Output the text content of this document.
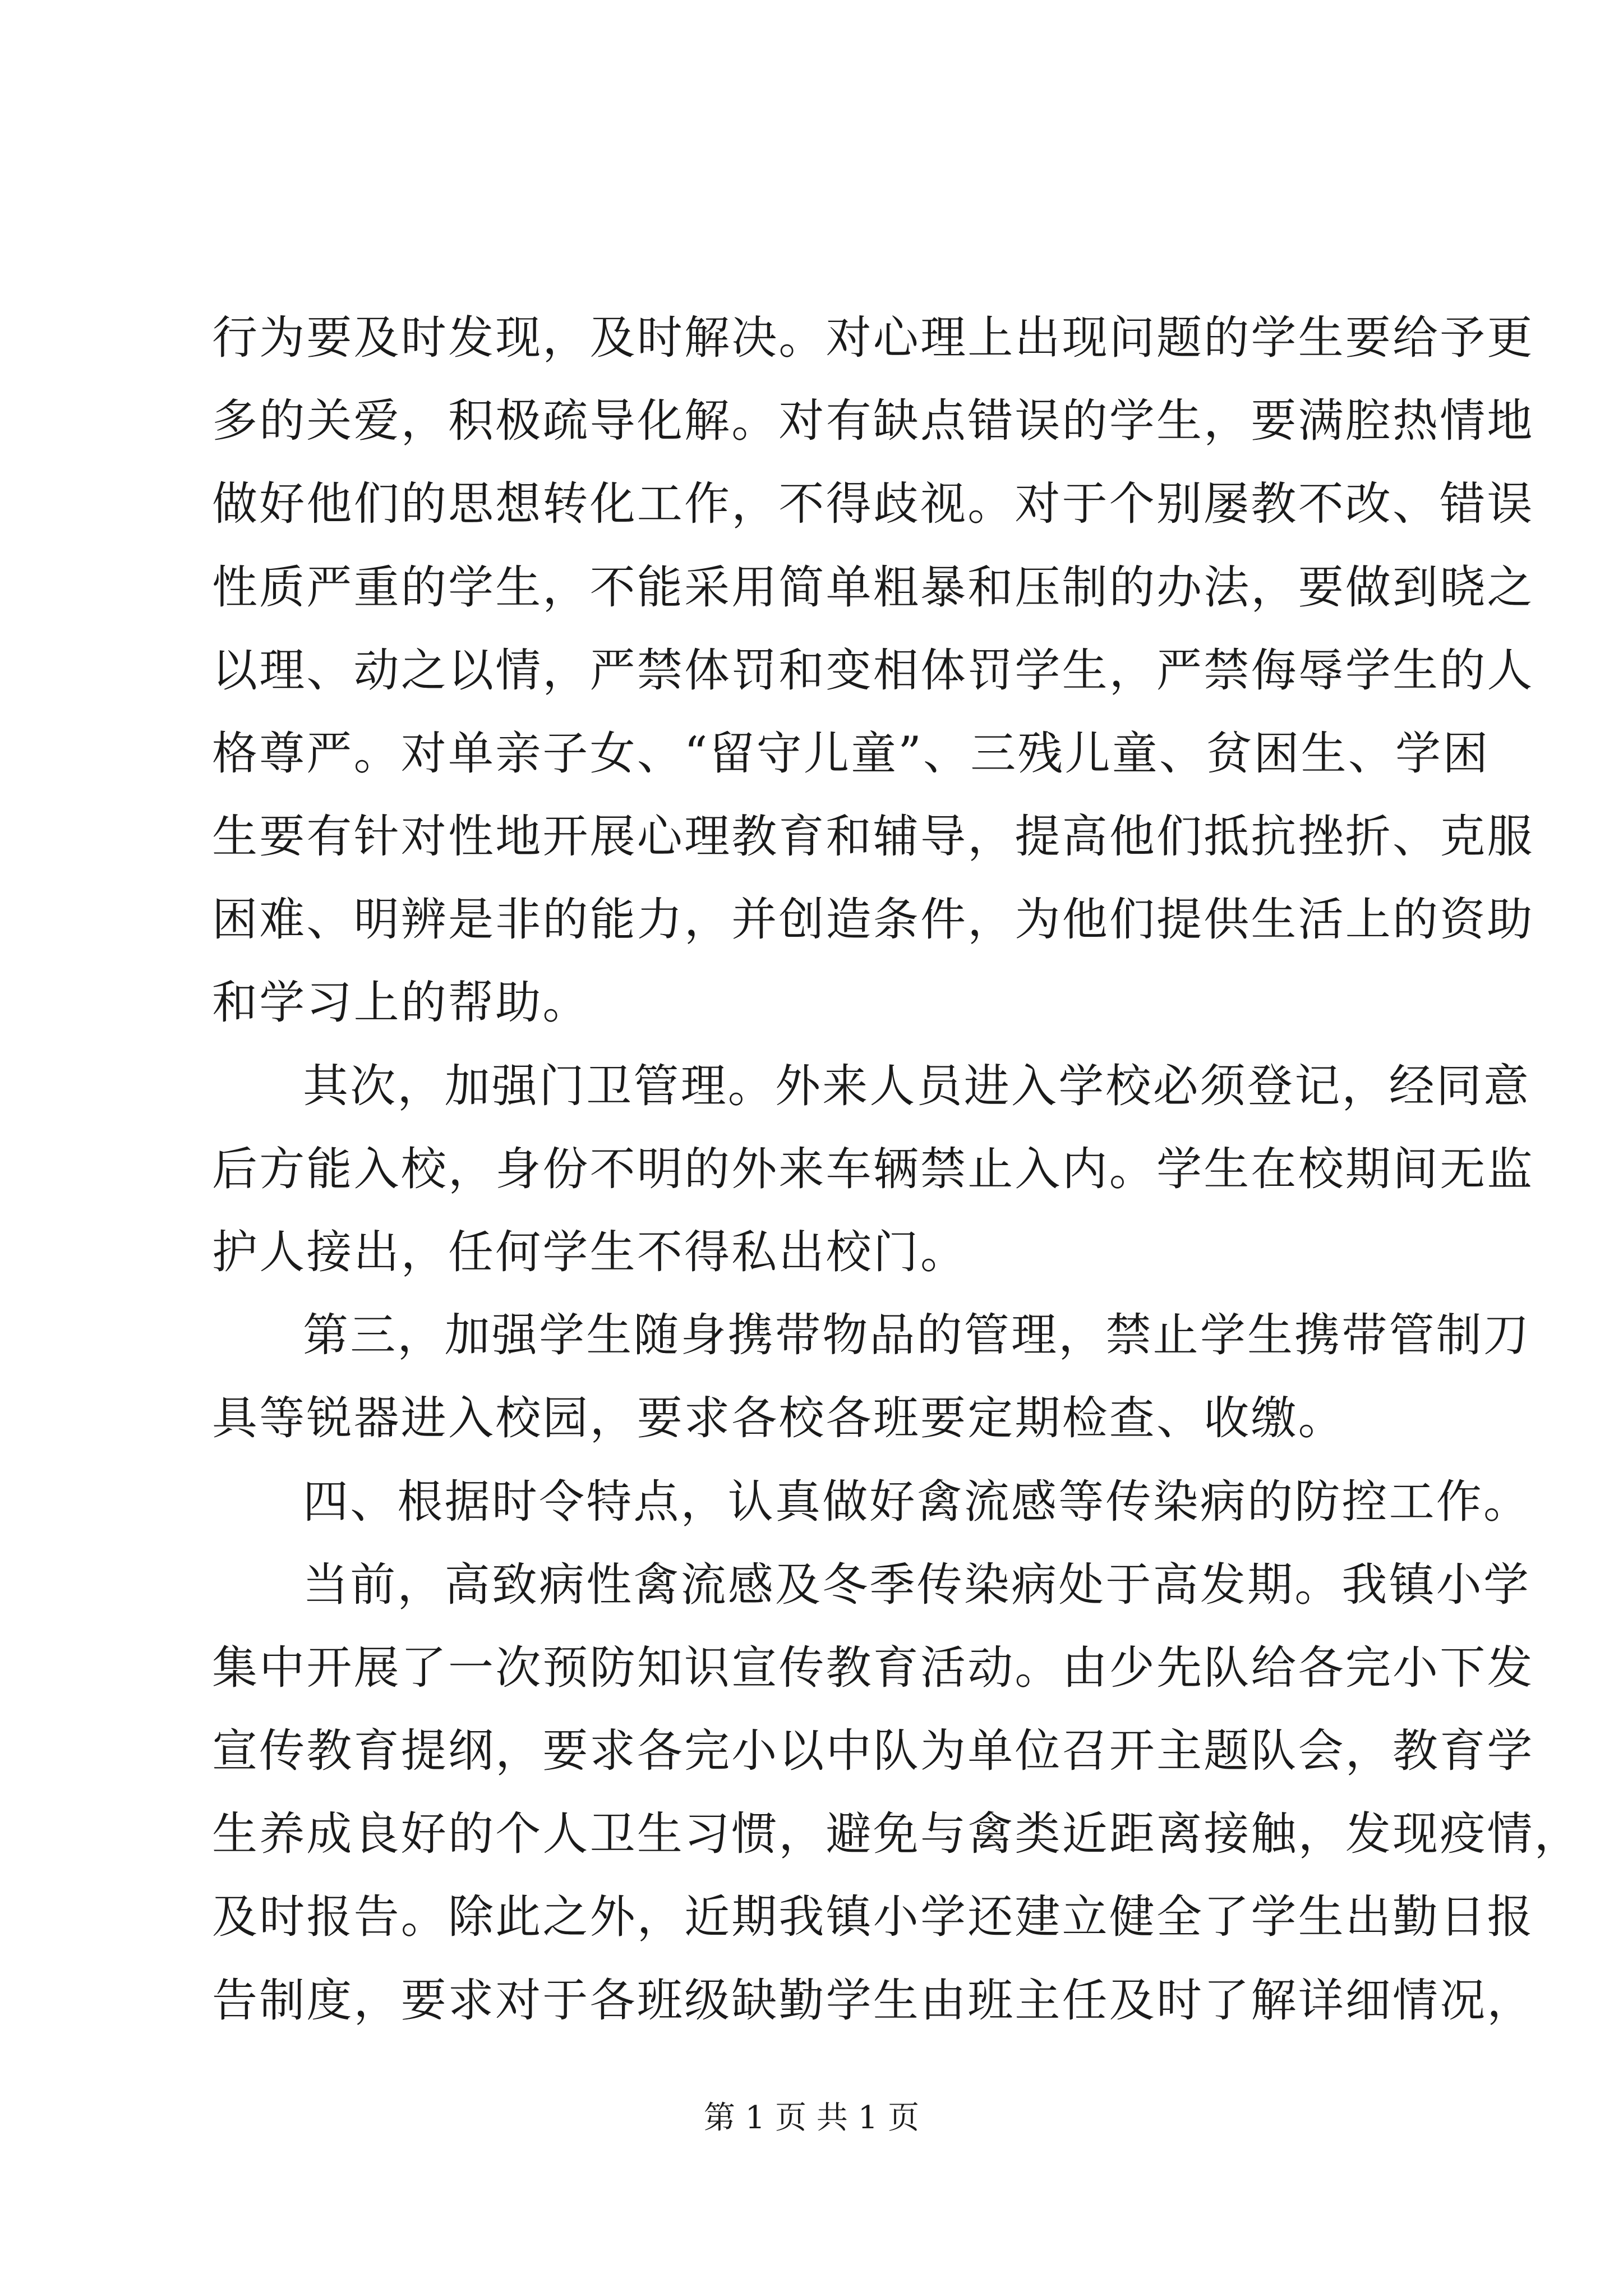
行为要及时发现，及时解决。对心理上出现问题的学生要给予更
多的关爱，积极疏导化解。对有缺点错误的学生，要满腔热情地
做好他们的思想转化工作，不得歧视。对于个别屡教不改、错误
性质严重的学生，不能采用简单粗暴和压制的办法，要做到晓之
以理、动之以情，严禁体罚和变相体罚学生，严禁侮辱学生的人
格尊严。对单亲子女、“留守儿童”、三残儿童、贫困生、学困
生要有针对性地开展心理教育和辅导，提高他们抵抗挫折、克服
困难、明辨是非的能力，并创造条件，为他们提供生活上的资助
和学习上的帮助。
其次，加强门卫管理。外来人员进入学校必须登记，经同意
后方能入校，身份不明的外来车辆禁止入内。学生在校期间无监
护人接出，任何学生不得私出校门。
第三，加强学生随身携带物品的管理，禁止学生携带管制刀
具等锐器进入校园，要求各校各班要定期检查、收缴。
四、根据时令特点，认真做好禽流感等传染病的防控工作。
当前，高致病性禽流感及冬季传染病处于高发期。我镇小学
集中开展了一次预防知识宣传教育活动。由少先队给各完小下发
宣传教育提纲，要求各完小以中队为单位召开主题队会，教育学
生养成良好的个人卫生习惯，避免与禽类近距离接触，发现疫情，
及时报告。除此之外，近期我镇小学还建立健全了学生出勤日报
告制度，要求对于各班级缺勤学生由班主任及时了解详细情况，
第 1 页 共 1 页
